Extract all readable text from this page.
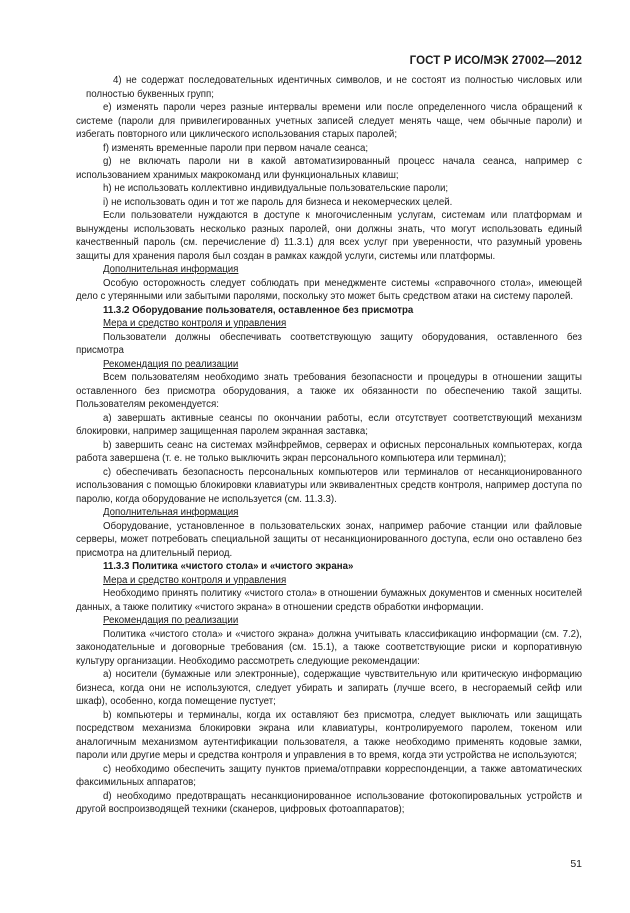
ГОСТ Р ИСО/МЭК 27002—2012

4) не содержат последовательных идентичных символов, и не состоят из полностью числовых или полностью буквенных групп;

e) изменять пароли через разные интервалы времени или после определенного числа обращений к системе (пароли для привилегированных учетных записей следует менять чаще, чем обычные пароли) и избегать повторного или циклического использования старых паролей;

f) изменять временные пароли при первом начале сеанса;

g) не включать пароли ни в какой автоматизированный процесс начала сеанса, например с использованием хранимых макрокоманд или функциональных клавиш;

h) не использовать коллективно индивидуальные пользовательские пароли;

i) не использовать один и тот же пароль для бизнеса и некомерческих целей.

Если пользователи нуждаются в доступе к многочисленным услугам, системам или платформам и вынуждены использовать несколько разных паролей, они должны знать, что могут использовать единый качественный пароль (см. перечисление d) 11.3.1) для всех услуг при уверенности, что разумный уровень защиты для хранения пароля был создан в рамках каждой услуги, системы или платформы.

Дополнительная информация

Особую осторожность следует соблюдать при менеджменте системы «справочного стола», имеющей дело с утерянными или забытыми паролями, поскольку это может быть средством атаки на систему паролей.

11.3.2 Оборудование пользователя, оставленное без присмотра

Мера и средство контроля и управления

Пользователи должны обеспечивать соответствующую защиту оборудования, оставленного без присмотра

Рекомендация по реализации

Всем пользователям необходимо знать требования безопасности и процедуры в отношении защиты оставленного без присмотра оборудования, а также их обязанности по обеспечению такой защиты. Пользователям рекомендуется:

a) завершать активные сеансы по окончании работы, если отсутствует соответствующий механизм блокировки, например защищенная паролем экранная заставка;

b) завершить сеанс на системах мэйнфреймов, серверах и офисных персональных компьютерах, когда работа завершена (т. е. не только выключить экран персонального компьютера или терминал);

c) обеспечивать безопасность персональных компьютеров или терминалов от несанкционированного использования с помощью блокировки клавиатуры или эквивалентных средств контроля, например доступа по паролю, когда оборудование не используется (см. 11.3.3).

Дополнительная информация

Оборудование, установленное в пользовательских зонах, например рабочие станции или файловые серверы, может потребовать специальной защиты от несанкционированного доступа, если оно оставлено без присмотра на длительный период.

11.3.3 Политика «чистого стола» и «чистого экрана»

Мера и средство контроля и управления

Необходимо принять политику «чистого стола» в отношении бумажных документов и сменных носителей данных, а также политику «чистого экрана» в отношении средств обработки информации.

Рекомендация по реализации

Политика «чистого стола» и «чистого экрана» должна учитывать классификацию информации (см. 7.2), законодательные и договорные требования (см. 15.1), а также соответствующие риски и корпоративную культуру организации. Необходимо рассмотреть следующие рекомендации:

a) носители (бумажные или электронные), содержащие чувствительную или критическую информацию бизнеса, когда они не используются, следует убирать и запирать (лучше всего, в несгораемый сейф или шкаф), особенно, когда помещение пустует;

b) компьютеры и терминалы, когда их оставляют без присмотра, следует выключать или защищать посредством механизма блокировки экрана или клавиатуры, контролируемого паролем, токеном или аналогичным механизмом аутентификации пользователя, а также необходимо применять кодовые замки, пароли или другие меры и средства контроля и управления в то время, когда эти устройства не используются;

c) необходимо обеспечить защиту пунктов приема/отправки корреспонденции, а также автоматических факсимильных аппаратов;

d) необходимо предотвращать несанкционированное использование фотокопировальных устройств и другой воспроизводящей техники (сканеров, цифровых фотоаппаратов);

51
